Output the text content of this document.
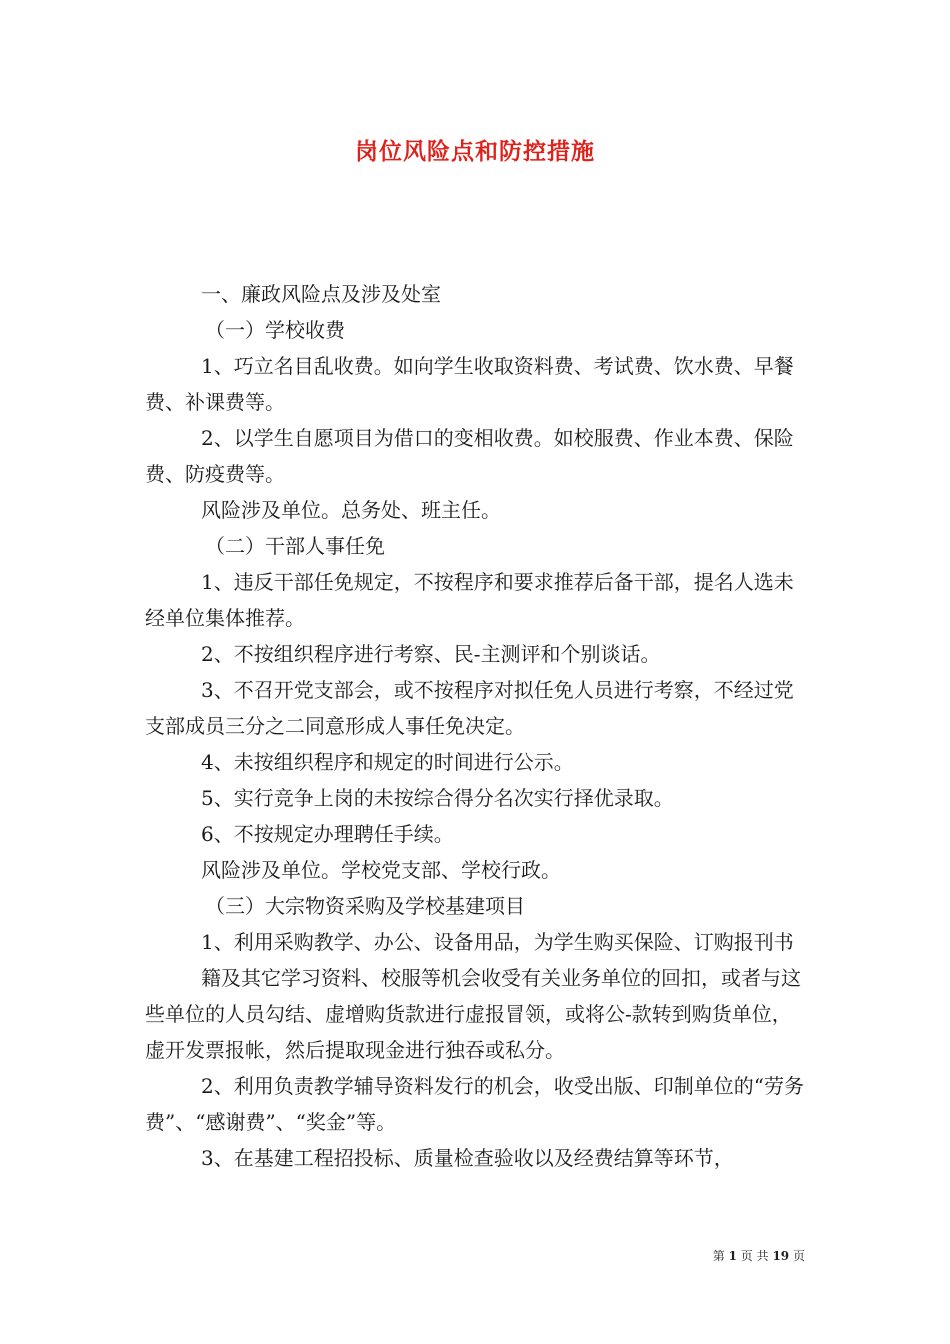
岗位风险点和防控措施

一、廉政风险点及涉及处室

（一）学校收费

1、巧立名目乱收费。如向学生收取资料费、考试费、饮水费、早餐费、补课费等。

2、以学生自愿项目为借口的变相收费。如校服费、作业本费、保险费、防疫费等。

风险涉及单位。总务处、班主任。

（二）干部人事任免

1、违反干部任免规定，不按程序和要求推荐后备干部，提名人选未经单位集体推荐。

2、不按组织程序进行考察、民-主测评和个别谈话。

3、不召开党支部会，或不按程序对拟任免人员进行考察，不经过党支部成员三分之二同意形成人事任免决定。

4、未按组织程序和规定的时间进行公示。

5、实行竞争上岗的未按综合得分名次实行择优录取。

6、不按规定办理聘任手续。

风险涉及单位。学校党支部、学校行政。

（三）大宗物资采购及学校基建项目

1、利用采购教学、办公、设备用品，为学生购买保险、订购报刊书

籍及其它学习资料、校服等机会收受有关业务单位的回扣，或者与这些单位的人员勾结、虚增购货款进行虚报冒领，或将公-款转到购货单位，虚开发票报帐，然后提取现金进行独吞或私分。

2、利用负责教学辅导资料发行的机会，收受出版、印制单位的“劳务费”、“感谢费”、“奖金”等。

3、在基建工程招投标、质量检查验收以及经费结算等环节，

第 1 页 共 19 页
